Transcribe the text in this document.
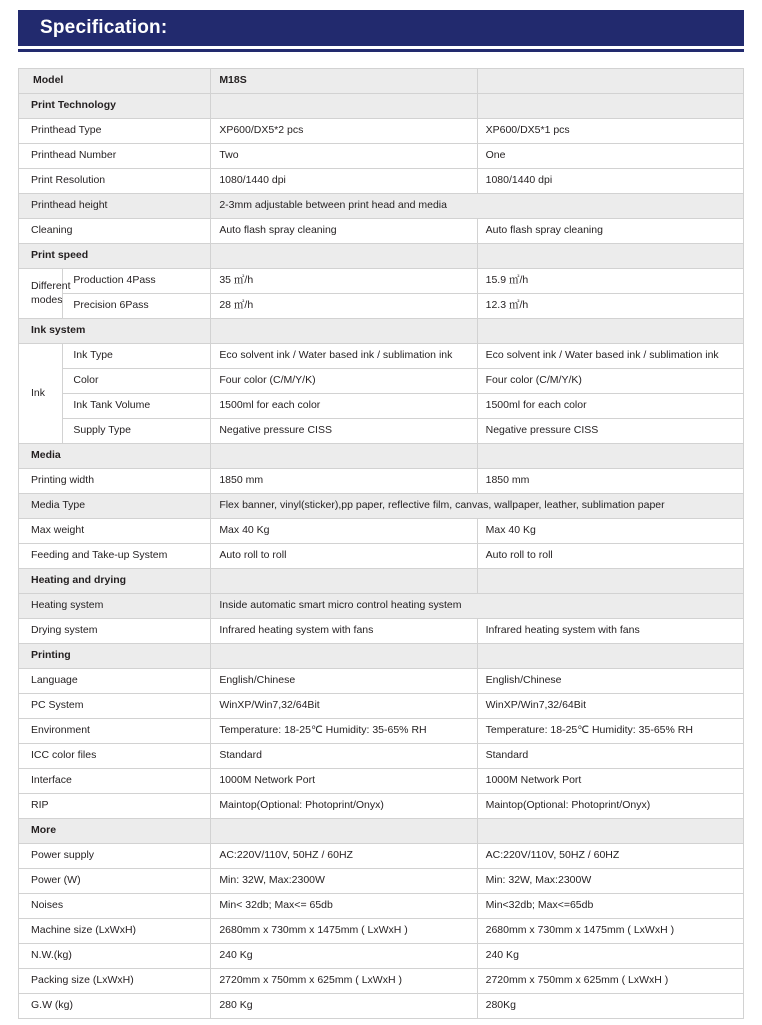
Specification:
Model		M18S	
Print Technology			
Printhead Type		XP600/DX5*2 pcs	XP600/DX5*1 pcs
Printhead Number		Two	One
Print Resolution		1080/1440 dpi	1080/1440 dpi
Printhead height		2-3mm adjustable between print head and media	
Cleaning		Auto flash spray cleaning	Auto flash spray cleaning
Print speed			
Different modes	Production 4Pass	35 ㎡/h	15.9 ㎡/h
	Precision 6Pass	28 ㎡/h	12.3 ㎡/h
Ink system			
Ink	Ink Type	Eco solvent ink / Water based ink / sublimation ink	Eco solvent ink / Water based ink / sublimation ink
	Color	Four color (C/M/Y/K)	Four color (C/M/Y/K)
	Ink Tank Volume	1500ml for each color	1500ml for each color
	Supply Type	Negative pressure CISS	Negative pressure CISS
Media			
Printing width		1850 mm	1850 mm
Media Type		Flex banner, vinyl(sticker),pp paper, reflective film, canvas, wallpaper, leather, sublimation paper	
Max weight		Max 40 Kg	Max 40 Kg
Feeding and Take-up System		Auto roll to roll	Auto roll to roll
Heating and drying			
Heating system		Inside automatic smart micro control heating system	
Drying system		Infrared heating system with fans	Infrared heating system with fans
Printing			
Language		English/Chinese	English/Chinese
PC System		WinXP/Win7,32/64Bit	WinXP/Win7,32/64Bit
Environment		Temperature: 18-25℃ Humidity: 35-65% RH	Temperature: 18-25℃ Humidity: 35-65% RH
ICC color files		Standard	Standard
Interface		1000M Network Port	1000M Network Port
RIP		Maintop(Optional: Photoprint/Onyx)	Maintop(Optional: Photoprint/Onyx)
More			
Power supply		AC:220V/110V, 50HZ / 60HZ	AC:220V/110V, 50HZ / 60HZ
Power (W)		Min: 32W, Max:2300W	Min: 32W, Max:2300W
Noises		Min< 32db; Max<= 65db	Min<32db; Max<=65db
Machine size (LxWxH)		2680mm x 730mm x 1475mm ( LxWxH )	2680mm x 730mm x 1475mm ( LxWxH )
N.W.(kg)		240 Kg	240 Kg
Packing size (LxWxH)		2720mm x 750mm x 625mm ( LxWxH )	2720mm x 750mm x 625mm ( LxWxH )
G.W (kg)		280 Kg	280Kg
